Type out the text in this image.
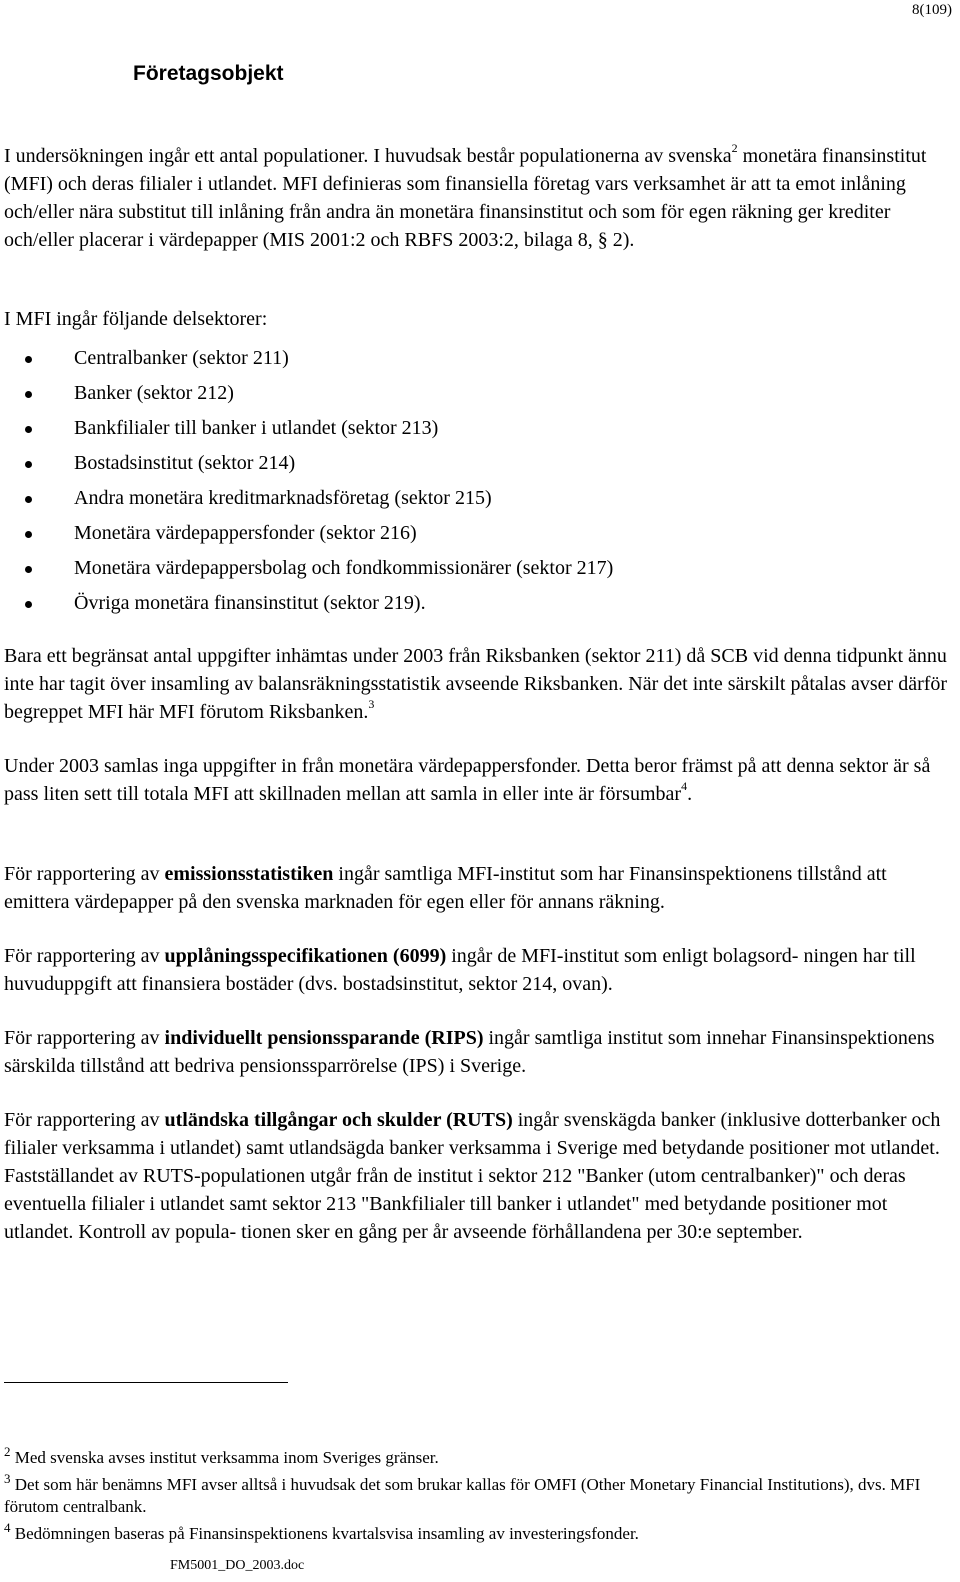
8(109)
Företagsobjekt

I undersökningen ingår ett antal populationer. I huvudsak består populationerna av svenska$^2$ monetära finansinstitut (MFI) och deras filialer i utlandet. MFI definieras som finansiella företag vars verksamhet är att ta emot inlåning och/eller nära substitut till inlåning från andra än monetära finansinstitut och som för egen räkning ger krediter och/eller placerar i värdepapper (MIS 2001:2 och RBFS 2003:2, bilaga 8, § 2).

I MFI ingår följande delsektorer:

Centralbanker (sektor 211)
Banker (sektor 212)
Bankfilialer till banker i utlandet (sektor 213)
Bostadsinstitut (sektor 214)
Andra monetära kreditmarknadsföretag (sektor 215)
Monetära värdepappersfonder (sektor 216)
Monetära värdepappersbolag och fondkommissionärer (sektor 217)
Övriga monetära finansinstitut (sektor 219).

Bara ett begränsat antal uppgifter inhämtas under 2003 från Riksbanken (sektor 211) då SCB vid denna tidpunkt ännu inte har tagit över insamling av balansräkningsstatistik avseende Riksbanken. När det inte särskilt påtalas avser därför begreppet MFI här MFI förutom Riksbanken.$^3$

Under 2003 samlas inga uppgifter in från monetära värdepappersfonder. Detta beror främst på att denna sektor är så pass liten sett till totala MFI att skillnaden mellan att samla in eller inte är försumbar$^4$.

För rapportering av emissionsstatistiken ingår samtliga MFI-institut som har Finansinspektionens tillstånd att emittera värdepapper på den svenska marknaden för egen eller för annans räkning.

För rapportering av upplåningsspecifikationen (6099) ingår de MFI-institut som enligt bolagsord- ningen har till huvuduppgift att finansiera bostäder (dvs. bostadsinstitut, sektor 214, ovan).

För rapportering av individuellt pensionssparande (RIPS) ingår samtliga institut som innehar Finansinspektionens särskilda tillstånd att bedriva pensionssparrörelse (IPS) i Sverige.

För rapportering av utländska tillgångar och skulder (RUTS) ingår svenskägda banker (inklusive dotterbanker och filialer verksamma i utlandet) samt utlandsägda banker verksamma i Sverige med betydande positioner mot utlandet. Fastställandet av RUTS-populationen utgår från de institut i sektor 212 "Banker (utom centralbanker)" och deras eventuella filialer i utlandet samt sektor 213 "Bankfilialer till banker i utlandet" med betydande positioner mot utlandet. Kontroll av popula- tionen sker en gång per år avseende förhållandena per 30:e september.

$^2$ Med svenska avses institut verksamma inom Sveriges gränser.

$^3$ Det som här benämns MFI avser alltså i huvudsak det som brukar kallas för OMFI (Other Monetary Financial Institutions), dvs. MFI förutom centralbank.

$^4$ Bedömningen baseras på Finansinspektionens kvartalsvisa insamling av investeringsfonder.

FM5001_DO_2003.doc
